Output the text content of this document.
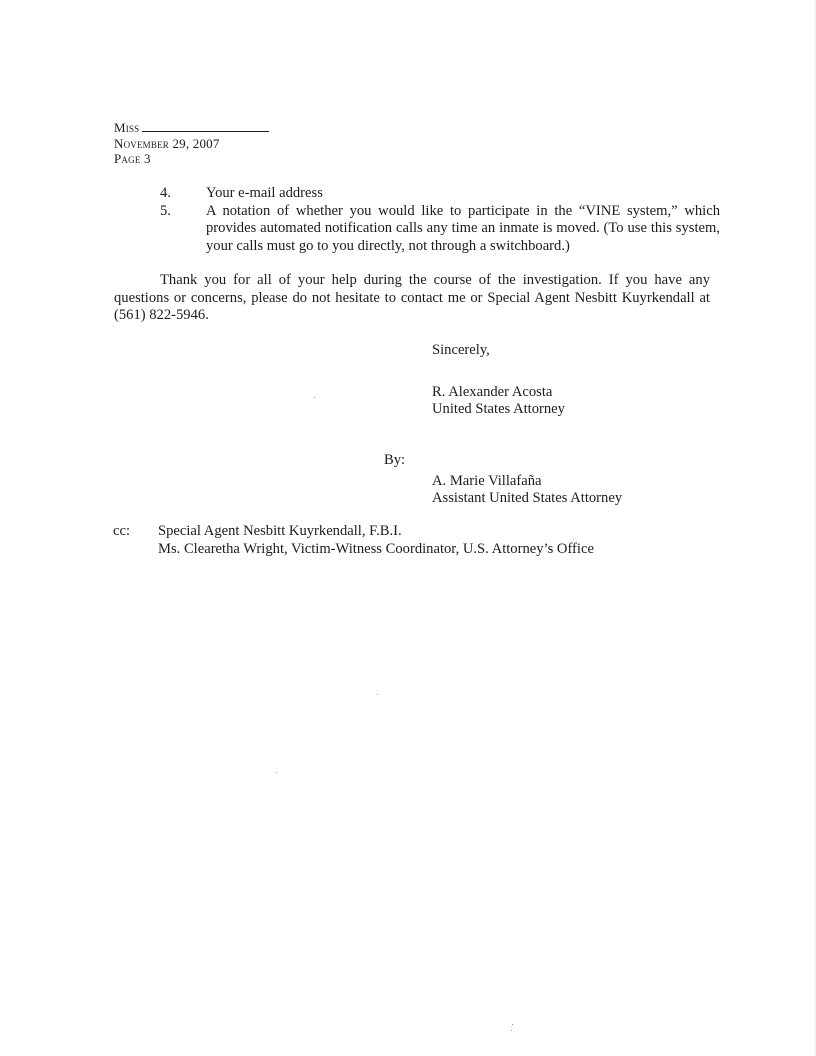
Miss
November 29, 2007
Page 3
4.	Your e-mail address
5.	A notation of whether you would like to participate in the “VINE system,” which provides automated notification calls any time an inmate is moved. (To use this system, your calls must go to you directly, not through a switchboard.)
Thank you for all of your help during the course of the investigation. If you have any questions or concerns, please do not hesitate to contact me or Special Agent Nesbitt Kuyrkendall at (561) 822-5946.
Sincerely,
R. Alexander Acosta
United States Attorney
By:
A. Marie Villafaña
Assistant United States Attorney
cc:	Special Agent Nesbitt Kuyrkendall, F.B.I.
Ms. Clearetha Wright, Victim-Witness Coordinator, U.S. Attorney’s Office
